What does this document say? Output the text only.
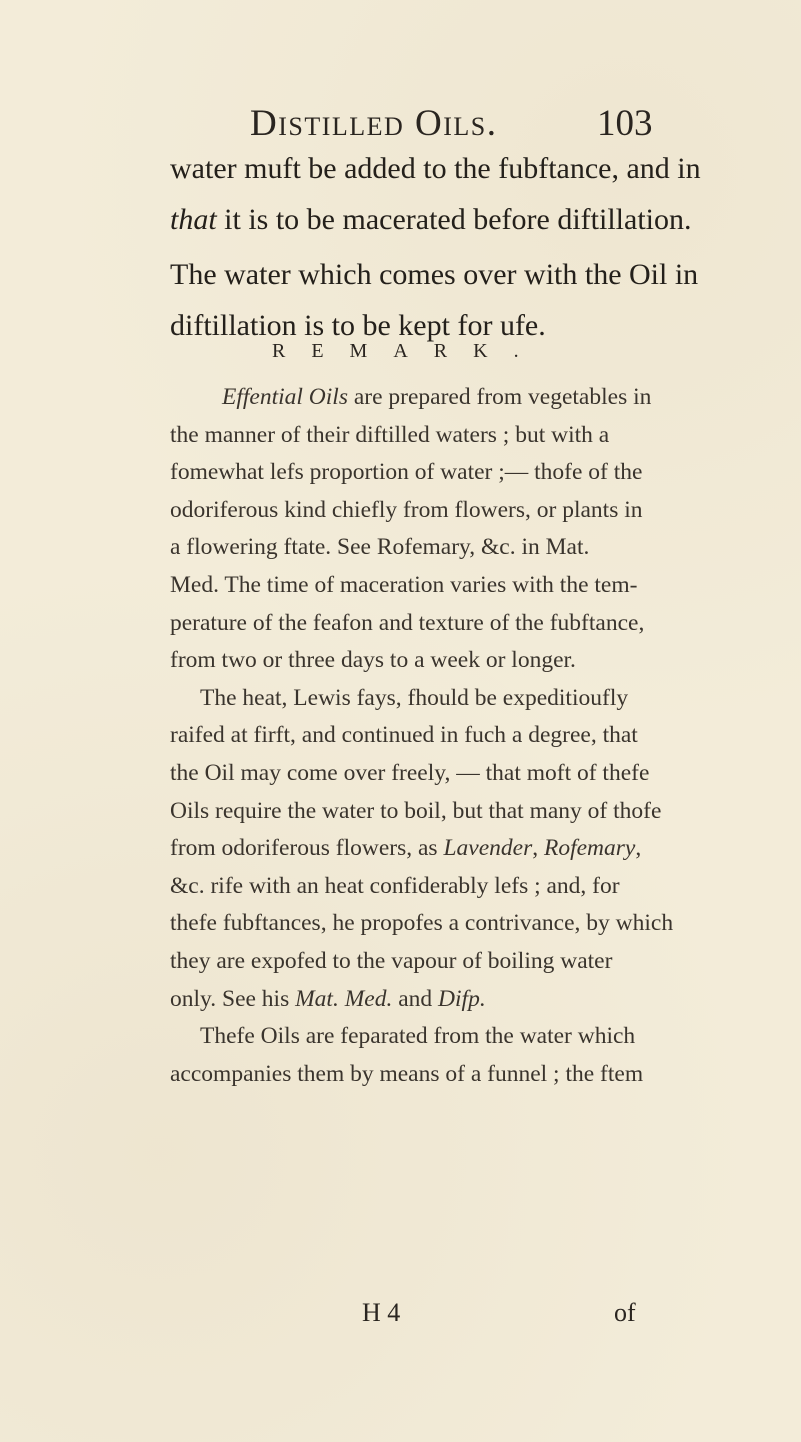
Distilled Oils.	103
water muft be added to the fubftance, and in
that it is to be macerated before diftillation.
The water which comes over with the Oil in
diftillation is to be kept for ufe.
REMARK.
Effential Oils are prepared from vegetables in
the manner of their diftilled waters ; but with a
fomewhat lefs proportion of water ;— thofe of the
odoriferous kind chiefly from flowers, or plants in
a flowering ftate. See Rofemary, &c. in Mat.
Med. The time of maceration varies with the tem-
perature of the feafon and texture of the fubftance,
from two or three days to a week or longer.
The heat, Lewis fays, fhould be expeditioufly
raifed at firft, and continued in fuch a degree, that
the Oil may come over freely, — that moft of thefe
Oils require the water to boil, but that many of thofe
from odoriferous flowers, as Lavender, Rofemary,
&c. rife with an heat confiderably lefs ; and, for
thefe fubftances, he propofes a contrivance, by which
they are expofed to the vapour of boiling water
only. See his Mat. Med. and Difp.
Thefe Oils are feparated from the water which
accompanies them by means of a funnel ; the ftem
H 4	of
